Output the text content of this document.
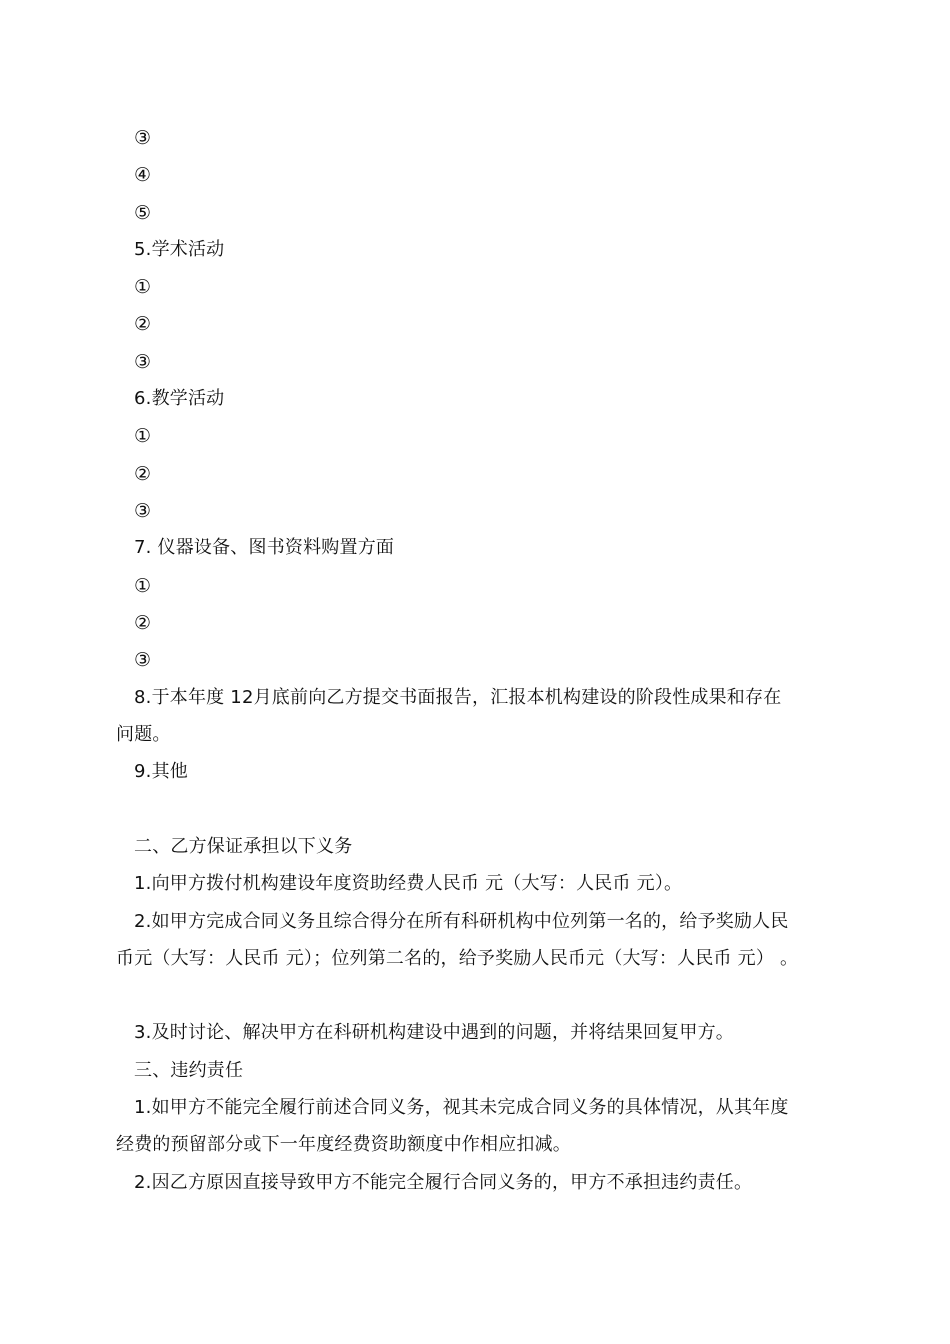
③
④
⑤
5.学术活动
①
②
③
6.教学活动
①
②
③
7. 仪器设备、图书资料购置方面
①
②
③
8.于本年度 12月底前向乙方提交书面报告，汇报本机构建设的阶段性成果和存在
问题。
9.其他
二、乙方保证承担以下义务
1.向甲方拨付机构建设年度资助经费人民币 元（大写：人民币 元）。
2.如甲方完成合同义务且综合得分在所有科研机构中位列第一名的，给予奖励人民
币元（大写：人民币 元）；位列第二名的，给予奖励人民币元（大写：人民币 元） 。
3.及时讨论、解决甲方在科研机构建设中遇到的问题，并将结果回复甲方。
三、违约责任
1.如甲方不能完全履行前述合同义务，视其未完成合同义务的具体情况，从其年度
经费的预留部分或下一年度经费资助额度中作相应扣减。
2.因乙方原因直接导致甲方不能完全履行合同义务的，甲方不承担违约责任。
